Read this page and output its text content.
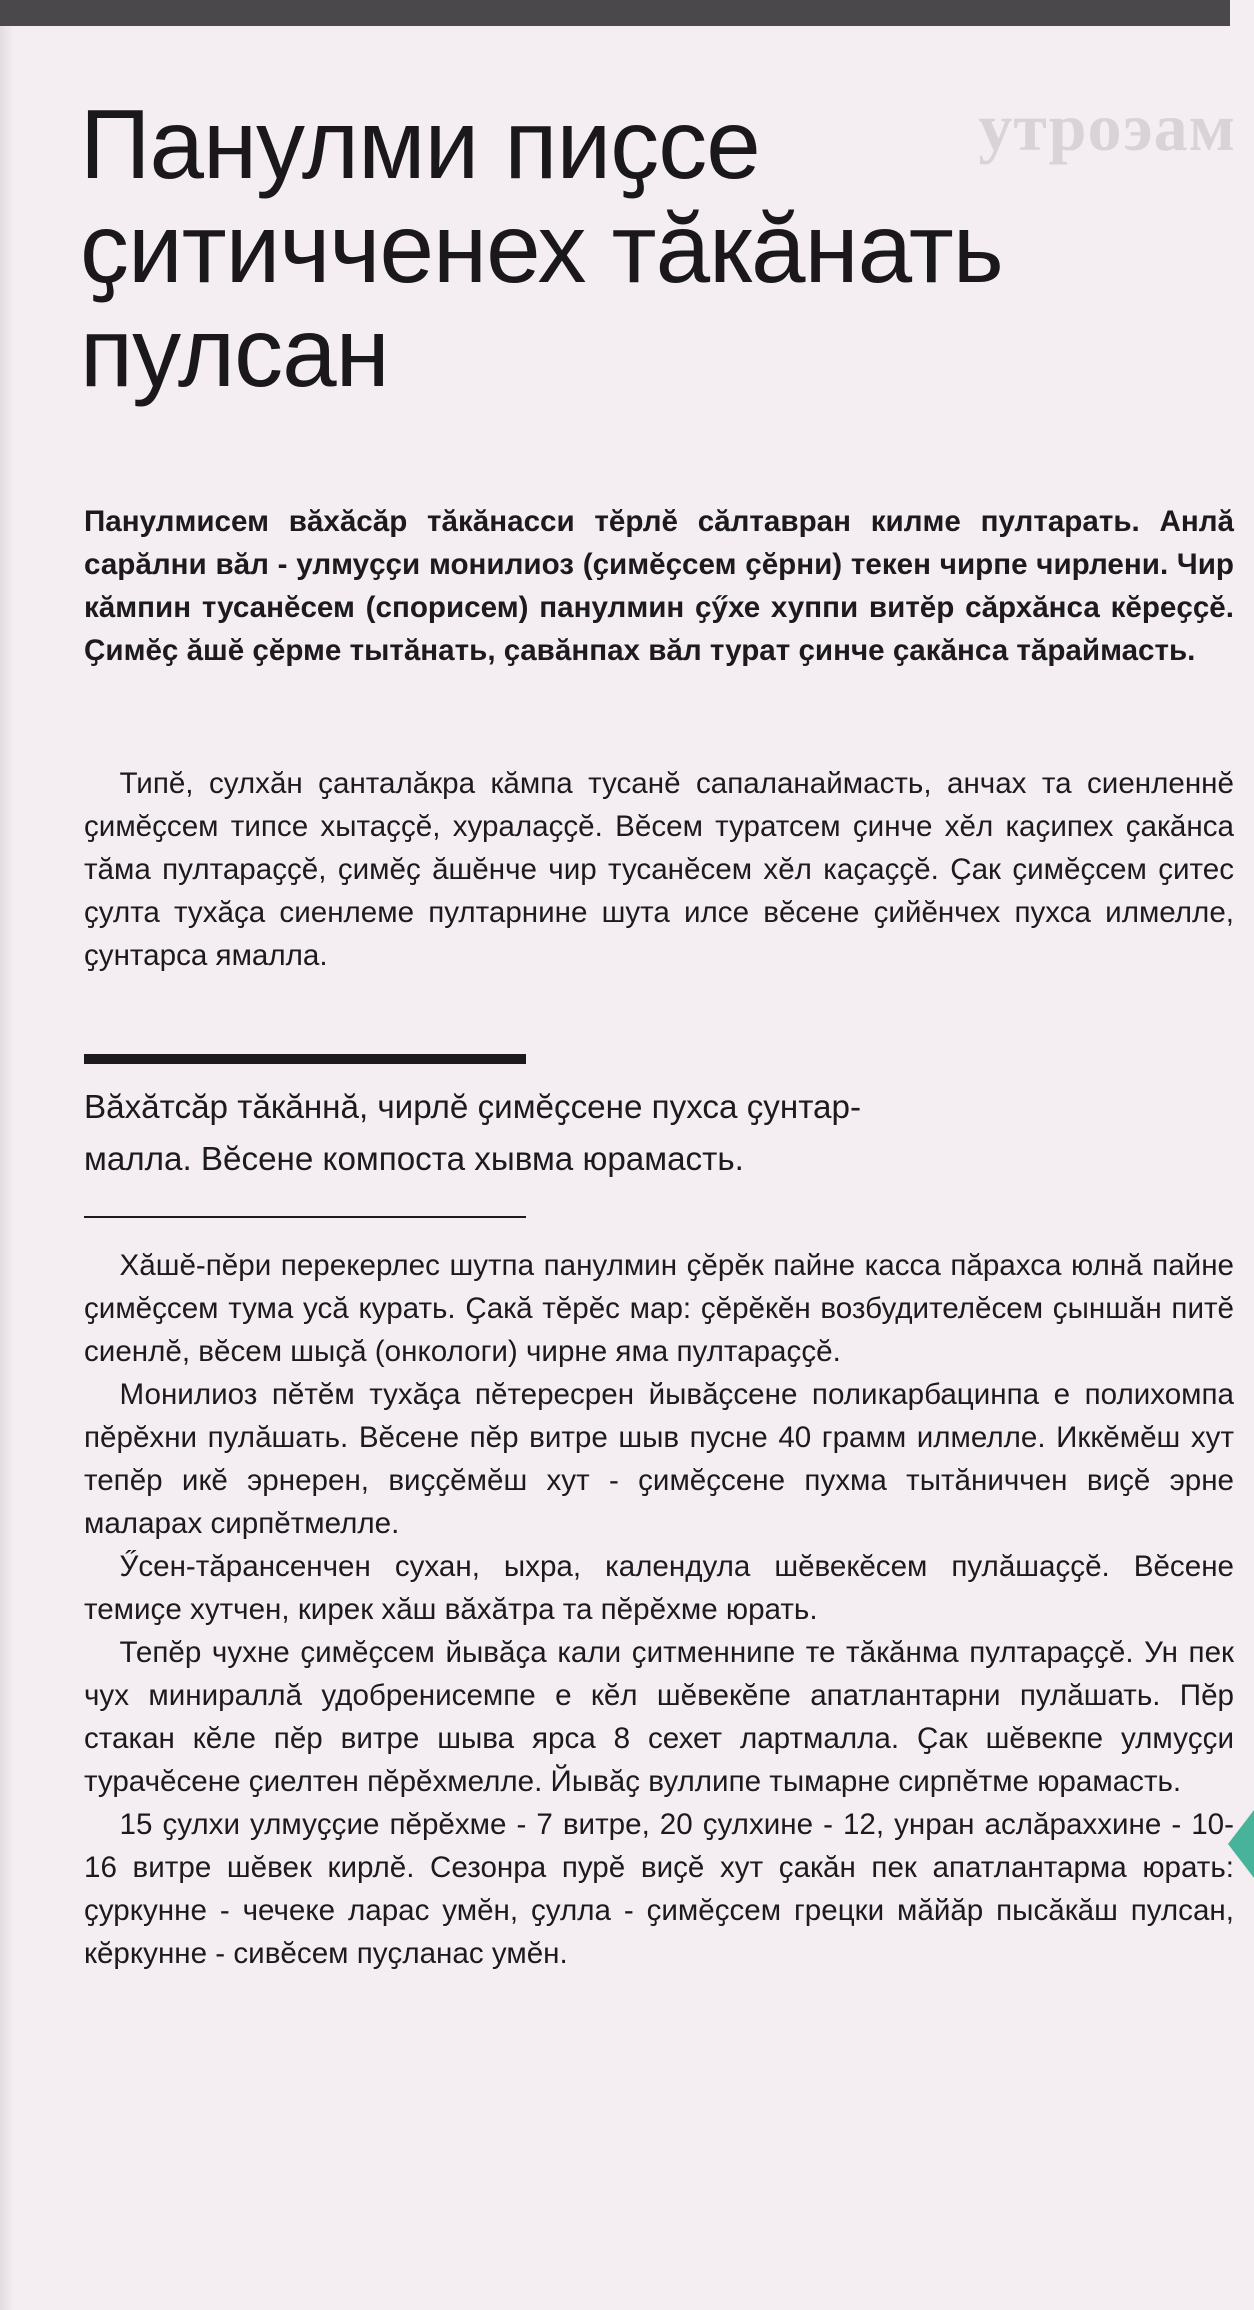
утроэам
Панулми пиҫсе
ҫитичченех тӑкӑнать
пулсан

Панулмисем вӑхӑсӑр тӑкӑнасси тӗрлӗ сӑлтавран килме пултарать. Анлӑ сарӑлни вӑл - улмуҫҫи монилиоз (ҫимӗҫсем ҫӗрни) текен чирпе чирлени. Чир кӑмпин тусанӗсем (спорисем) панулмин ҫӳхе хуппи витӗр сӑрхӑнса кӗреҫҫӗ. Ҫимӗҫ ӑшӗ ҫӗрме тытӑнать, ҫавӑнпах вӑл турат ҫинче ҫакӑнса тӑраймасть.

Типӗ, сулхӑн ҫанталӑкра кӑмпа тусанӗ сапаланаймасть, анчах та сиенленнӗ ҫимӗҫсем типсе хытаҫҫӗ, хуралаҫҫӗ. Вӗсем туратсем ҫинче хӗл каҫипех ҫакӑнса тӑма пултараҫҫӗ, ҫимӗҫ ӑшӗнче чир тусанӗсем хӗл каҫаҫҫӗ. Ҫак ҫимӗҫсем ҫитес ҫулта тухӑҫа сиенлеме пултарнине шута илсе вӗсене ҫийӗнчех пухса илмелле, ҫунтарса ямалла.

Вӑхӑтсӑр тӑкӑннӑ, чирлӗ ҫимӗҫсене пухса ҫунтар-
малла. Вӗсене компоста хывма юрамасть.

Хӑшӗ-пӗри перекерлес шутпа панулмин ҫӗрӗк пайне касса пӑрахса юлнӑ пайне ҫимӗҫсем тума усӑ курать. Ҫакӑ тӗрӗс мар: ҫӗрӗкӗн возбудителӗсем ҫыншӑн питӗ сиенлӗ, вӗсем шыҫӑ (онкологи) чирне яма пултараҫҫӗ.

Монилиоз пӗтӗм тухӑҫа пӗтересрен йывӑҫсене поликарбацинпа е полихомпа пӗрӗхни пулӑшать. Вӗсене пӗр витре шыв пусне 40 грамм илмелле. Иккӗмӗш хут тепӗр икӗ эрнерен, виҫҫӗмӗш хут - ҫимӗҫсене пухма тытӑниччен виҫӗ эрне малараx сирпӗтмелле.

Ӳсен-тӑрансенчен сухан, ыхра, календула шӗвекӗсем пулӑшаҫҫӗ. Вӗсене темиҫе хутчен, кирек хӑш вӑхӑтра та пӗрӗхме юрать.

Тепӗр чухне ҫимӗҫсем йывӑҫа кали ҫитменнипе те тӑкӑнма пултараҫҫӗ. Ун пек чух минираллӑ удобренисемпе е кӗл шӗвекӗпе апатлантарни пулӑшать. Пӗр стакан кӗле пӗр витре шыва ярса 8 сехет лартмалла. Ҫак шӗвекпе улмуҫҫи турачӗсене ҫиелтен пӗрӗхмелле. Йывӑҫ вуллипе тымарне сирпӗтме юрамасть.

15 ҫулхи улмуҫҫие пӗрӗхме - 7 витре, 20 ҫулхине - 12, унран аслӑраххине - 10-16 витре шӗвек кирлӗ. Сезонра пурӗ виҫӗ хут ҫакӑн пек апатлантарма юрать: ҫуркунне - чечеке ларас умӗн, ҫулла - ҫимӗҫсем грецки мӑйӑр пысӑкӑш пулсан, кӗркунне - сивӗсем пуҫланас умӗн.
